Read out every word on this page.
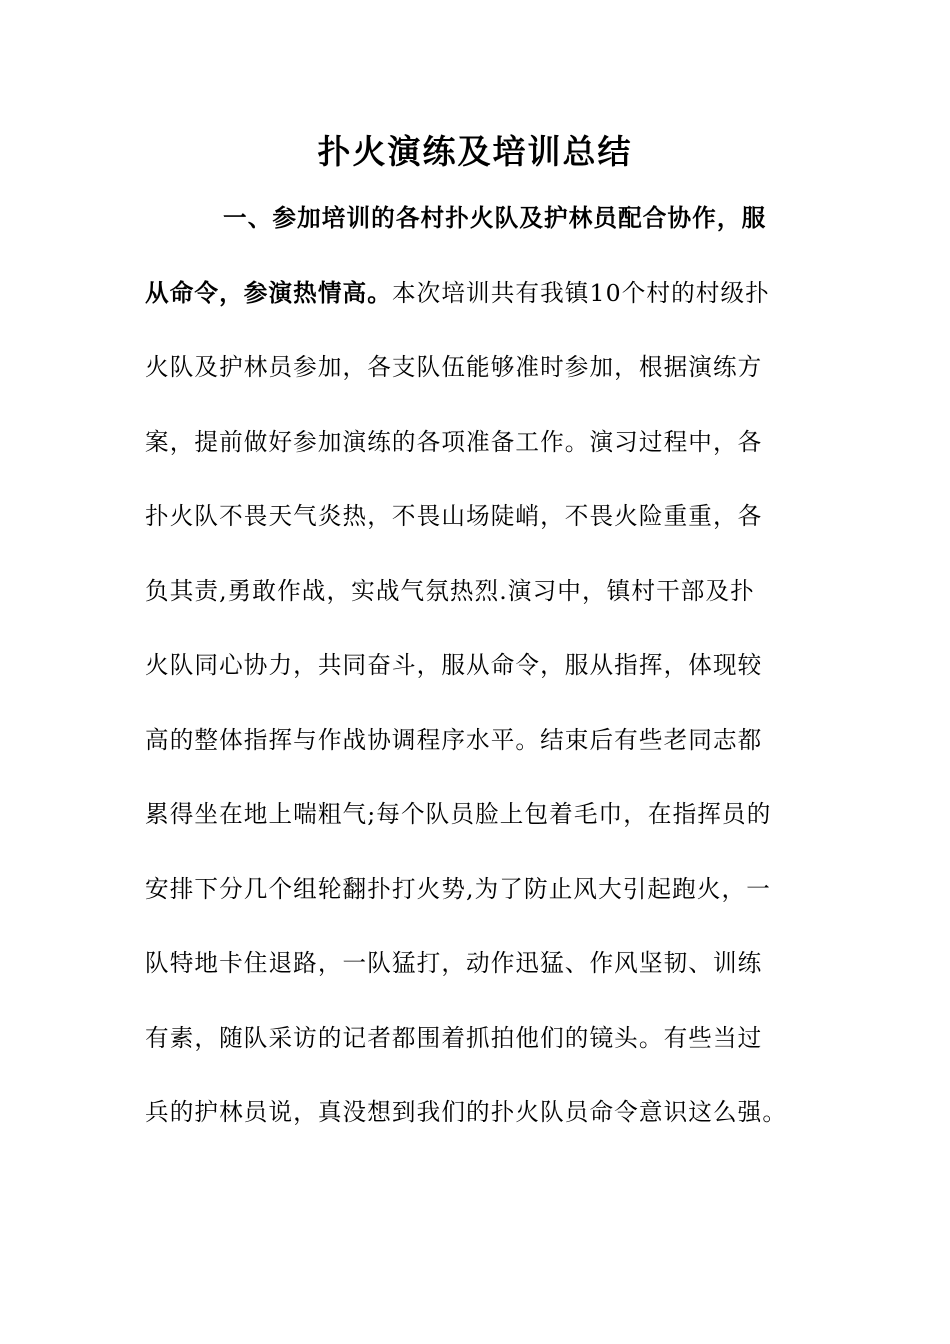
扑火演练及培训总结
一、参加培训的各村扑火队及护林员配合协作，服
从命令，参演热情高。本次培训共有我镇10个村的村级扑
火队及护林员参加，各支队伍能够准时参加，根据演练方
案，提前做好参加演练的各项准备工作。演习过程中，各
扑火队不畏天气炎热，不畏山场陡峭，不畏火险重重，各
负其责,勇敢作战，实战气氛热烈.演习中，镇村干部及扑
火队同心协力，共同奋斗，服从命令，服从指挥，体现较
高的整体指挥与作战协调程序水平。结束后有些老同志都
累得坐在地上喘粗气;每个队员脸上包着毛巾，在指挥员的
安排下分几个组轮翻扑打火势,为了防止风大引起跑火，一
队特地卡住退路，一队猛打，动作迅猛、作风坚韧、训练
有素，随队采访的记者都围着抓拍他们的镜头。有些当过
兵的护林员说，真没想到我们的扑火队员命令意识这么强。
